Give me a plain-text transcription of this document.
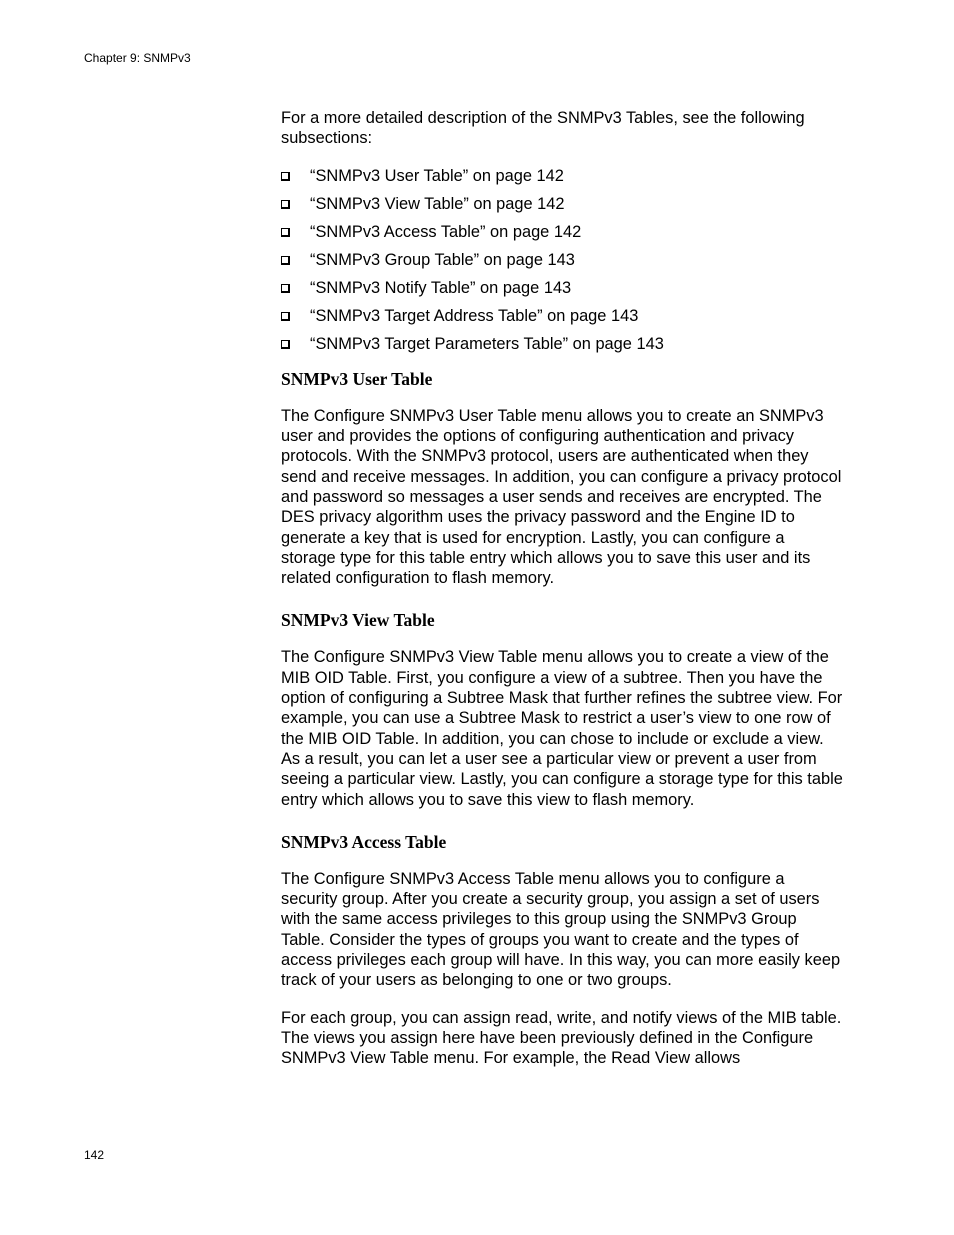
Chapter 9: SNMPv3

For a more detailed description of the SNMPv3 Tables, see the following subsections:

“SNMPv3 User Table” on page 142
“SNMPv3 View Table” on page 142
“SNMPv3 Access Table” on page 142
“SNMPv3 Group Table” on page 143
“SNMPv3 Notify Table” on page 143
“SNMPv3 Target Address Table” on page 143
“SNMPv3 Target Parameters Table” on page 143
SNMPv3 User Table

The Configure SNMPv3 User Table menu allows you to create an SNMPv3 user and provides the options of configuring authentication and privacy protocols. With the SNMPv3 protocol, users are authenticated when they send and receive messages. In addition, you can configure a privacy protocol and password so messages a user sends and receives are encrypted. The DES privacy algorithm uses the privacy password and the Engine ID to generate a key that is used for encryption. Lastly, you can configure a storage type for this table entry which allows you to save this user and its related configuration to flash memory.

SNMPv3 View Table

The Configure SNMPv3 View Table menu allows you to create a view of the MIB OID Table. First, you configure a view of a subtree. Then you have the option of configuring a Subtree Mask that further refines the subtree view. For example, you can use a Subtree Mask to restrict a user’s view to one row of the MIB OID Table. In addition, you can chose to include or exclude a view. As a result, you can let a user see a particular view or prevent a user from seeing a particular view. Lastly, you can configure a storage type for this table entry which allows you to save this view to flash memory.

SNMPv3 Access Table

The Configure SNMPv3 Access Table menu allows you to configure a security group. After you create a security group, you assign a set of users with the same access privileges to this group using the SNMPv3 Group Table. Consider the types of groups you want to create and the types of access privileges each group will have. In this way, you can more easily keep track of your users as belonging to one or two groups.

For each group, you can assign read, write, and notify views of the MIB table. The views you assign here have been previously defined in the Configure SNMPv3 View Table menu. For example, the Read View allows

142
